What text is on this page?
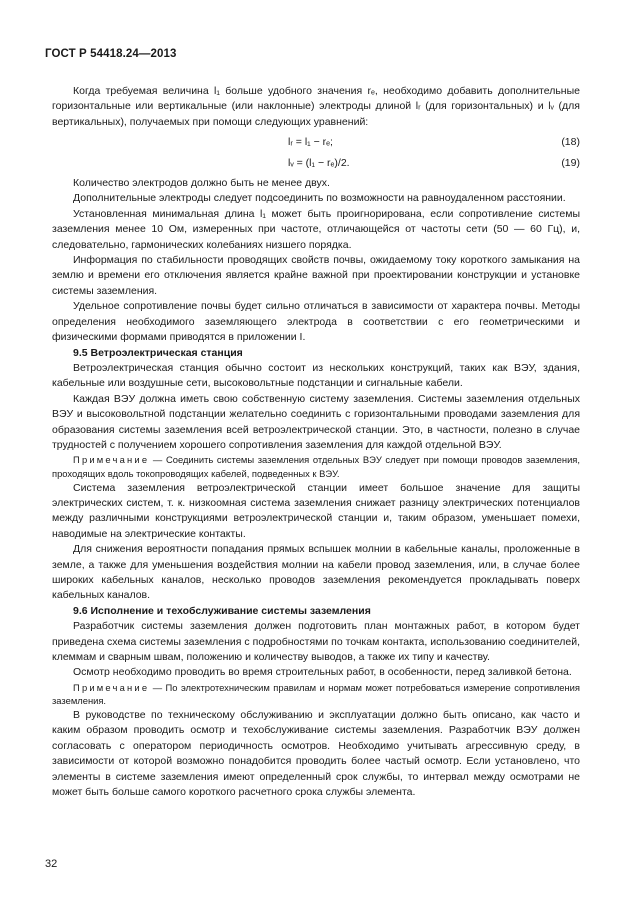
ГОСТ Р 54418.24—2013

Когда требуемая величина l₁ больше удобного значения rₑ, необходимо добавить дополнительные горизонтальные или вертикальные (или наклонные) электроды длиной lᵣ (для горизонтальных) и lᵥ (для вертикальных), получаемых при помощи следующих уравнений:

lᵣ = l₁ − rₑ;	(18)
lᵥ = (l₁ − rₑ)/2.	(19)

Количество электродов должно быть не менее двух.

Дополнительные электроды следует подсоединить по возможности на равноудаленном расстоянии.

Установленная минимальная длина l₁ может быть проигнорирована, если сопротивление системы заземления менее 10 Ом, измеренных при частоте, отличающейся от частоты сети (50 — 60 Гц), и, следовательно, гармонических колебаниях низшего порядка.

Информация по стабильности проводящих свойств почвы, ожидаемому току короткого замыкания на землю и времени его отключения является крайне важной при проектировании конструкции и установке системы заземления.

Удельное сопротивление почвы будет сильно отличаться в зависимости от характера почвы. Методы определения необходимого заземляющего электрода в соответствии с его геометрическими и физическими формами приводятся в приложении I.

9.5 Ветроэлектрическая станция

Ветроэлектрическая станция обычно состоит из нескольких конструкций, таких как ВЭУ, здания, кабельные или воздушные сети, высоковольтные подстанции и сигнальные кабели.

Каждая ВЭУ должна иметь свою собственную систему заземления. Системы заземления отдельных ВЭУ и высоковольтной подстанции желательно соединить с горизонтальными проводами заземления для образования системы заземления всей ветроэлектрической станции. Это, в частности, полезно в случае трудностей с получением хорошего сопротивления заземления для каждой отдельной ВЭУ.

Примечание — Соединить системы заземления отдельных ВЭУ следует при помощи проводов заземления, проходящих вдоль токопроводящих кабелей, подведенных к ВЭУ.

Система заземления ветроэлектрической станции имеет большое значение для защиты электрических систем, т. к. низкоомная система заземления снижает разницу электрических потенциалов между различными конструкциями ветроэлектрической станции и, таким образом, уменьшает помехи, наводимые на электрические контакты.

Для снижения вероятности попадания прямых вспышек молнии в кабельные каналы, проложенные в земле, а также для уменьшения воздействия молнии на кабели провод заземления, или, в случае более широких кабельных каналов, несколько проводов заземления рекомендуется прокладывать поверх кабельных каналов.

9.6 Исполнение и техобслуживание системы заземления

Разработчик системы заземления должен подготовить план монтажных работ, в котором будет приведена схема системы заземления с подробностями по точкам контакта, использованию соединителей, клеммам и сварным швам, положению и количеству выводов, а также их типу и качеству.

Осмотр необходимо проводить во время строительных работ, в особенности, перед заливкой бетона.

Примечание — По электротехническим правилам и нормам может потребоваться измерение сопротивления заземления.

В руководстве по техническому обслуживанию и эксплуатации должно быть описано, как часто и каким образом проводить осмотр и техобслуживание системы заземления. Разработчик ВЭУ должен согласовать с оператором периодичность осмотров. Необходимо учитывать агрессивную среду, в зависимости от которой возможно понадобится проводить более частый осмотр. Если установлено, что элементы в системе заземления имеют определенный срок службы, то интервал между осмотрами не может быть больше самого короткого расчетного срока службы элемента.

32
